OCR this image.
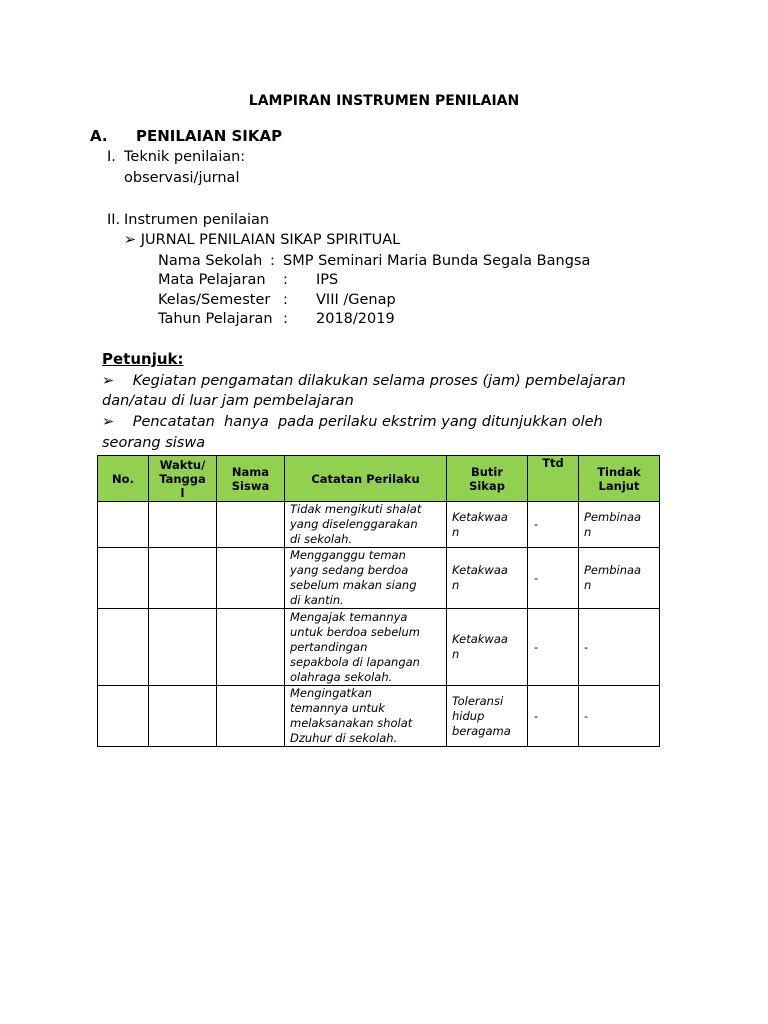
LAMPIRAN INSTRUMEN PENILAIAN
A. PENILAIAN SIKAP
I. Teknik penilaian:
observasi/jurnal
II. Instrumen penilaian
➢ JURNAL PENILAIAN SIKAP SPIRITUAL
Nama Sekolah : SMP Seminari Maria Bunda Segala Bangsa
Mata Pelajaran : IPS
Kelas/Semester : VIII /Genap
Tahun Pelajaran : 2018/2019
Petunjuk:
➢ Kegiatan pengamatan dilakukan selama proses (jam) pembelajaran
dan/atau di luar jam pembelajaran
➢ Pencatatan  hanya  pada perilaku ekstrim yang ditunjukkan oleh
seorang siswa
No.	Waktu/
Tangga
l	Nama
Siswa	Catatan Perilaku	Butir
Sikap	Ttd	Tindak
Lanjut
			Tidak mengikuti shalat
yang diselenggarakan
di sekolah.	Ketakwaa
n	-	Pembinaa
n
			Mengganggu teman
yang sedang berdoa
sebelum makan siang
di kantin.	Ketakwaa
n	-	Pembinaa
n
			Mengajak temannya
untuk berdoa sebelum
pertandingan
sepakbola di lapangan
olahraga sekolah.	Ketakwaa
n	-	-
			Mengingatkan
temannya untuk
melaksanakan sholat
Dzuhur di sekolah.	Toleransi
hidup
beragama	-	-
